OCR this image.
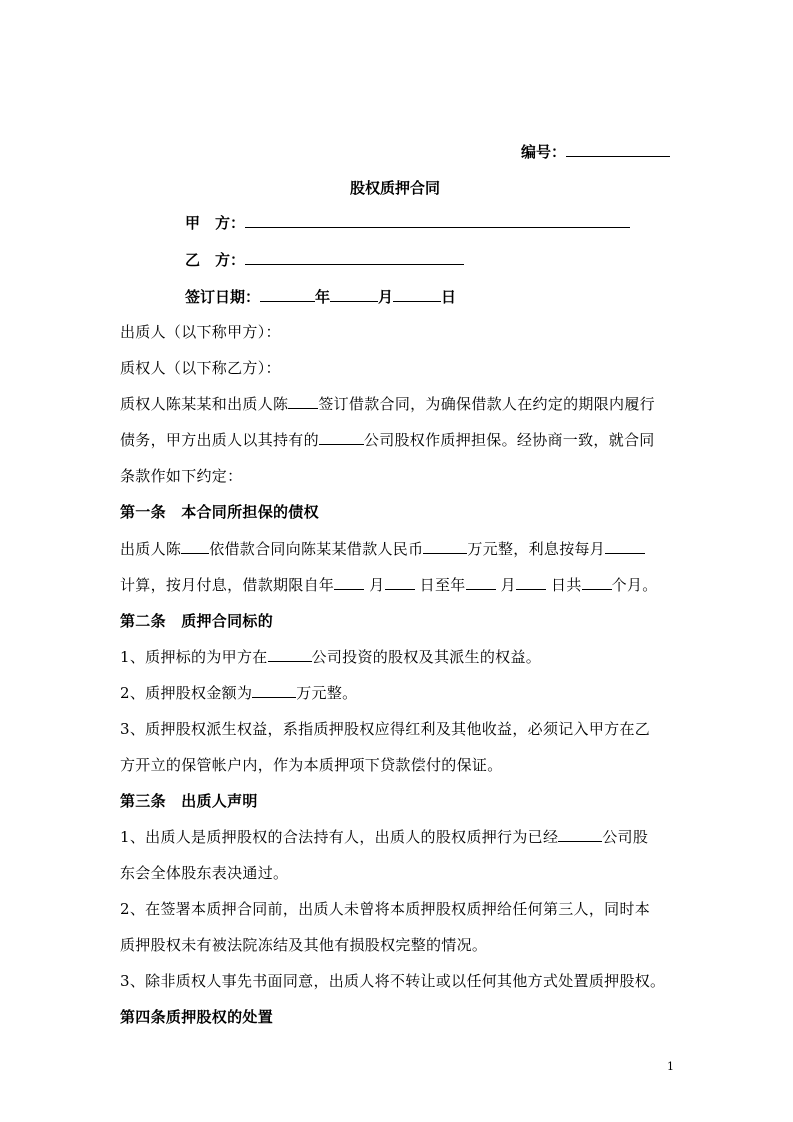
编号：
股权质押合同
甲　方：
乙　方：
签订日期：	年	月	日
出质人（以下称甲方）：
质权人（以下称乙方）：
质权人陈某某和出质人陈 签订借款合同，为确保借款人在约定的期限内履行
债务，甲方出质人以其持有的	公司股权作质押担保。经协商一致，就合同
条款作如下约定：
第一条　本合同所担保的债权
出质人陈 依借款合同向陈某某借款人民币	万元整，利息按每月
计算，按月付息，借款期限自年 月 日至年 月 日共 个月。
第二条　质押合同标的
1、质押标的为甲方在	公司投资的股权及其派生的权益。
2、质押股权金额为	万元整。
3、质押股权派生权益，系指质押股权应得红利及其他收益，必须记入甲方在乙
方开立的保管帐户内，作为本质押项下贷款偿付的保证。
第三条　出质人声明
1、出质人是质押股权的合法持有人，出质人的股权质押行为已经	公司股
东会全体股东表决通过。
2、在签署本质押合同前，出质人未曾将本质押股权质押给任何第三人，同时本
质押股权未有被法院冻结及其他有损股权完整的情况。
3、除非质权人事先书面同意，出质人将不转让或以任何其他方式处置质押股权。
第四条质押股权的处置
1
